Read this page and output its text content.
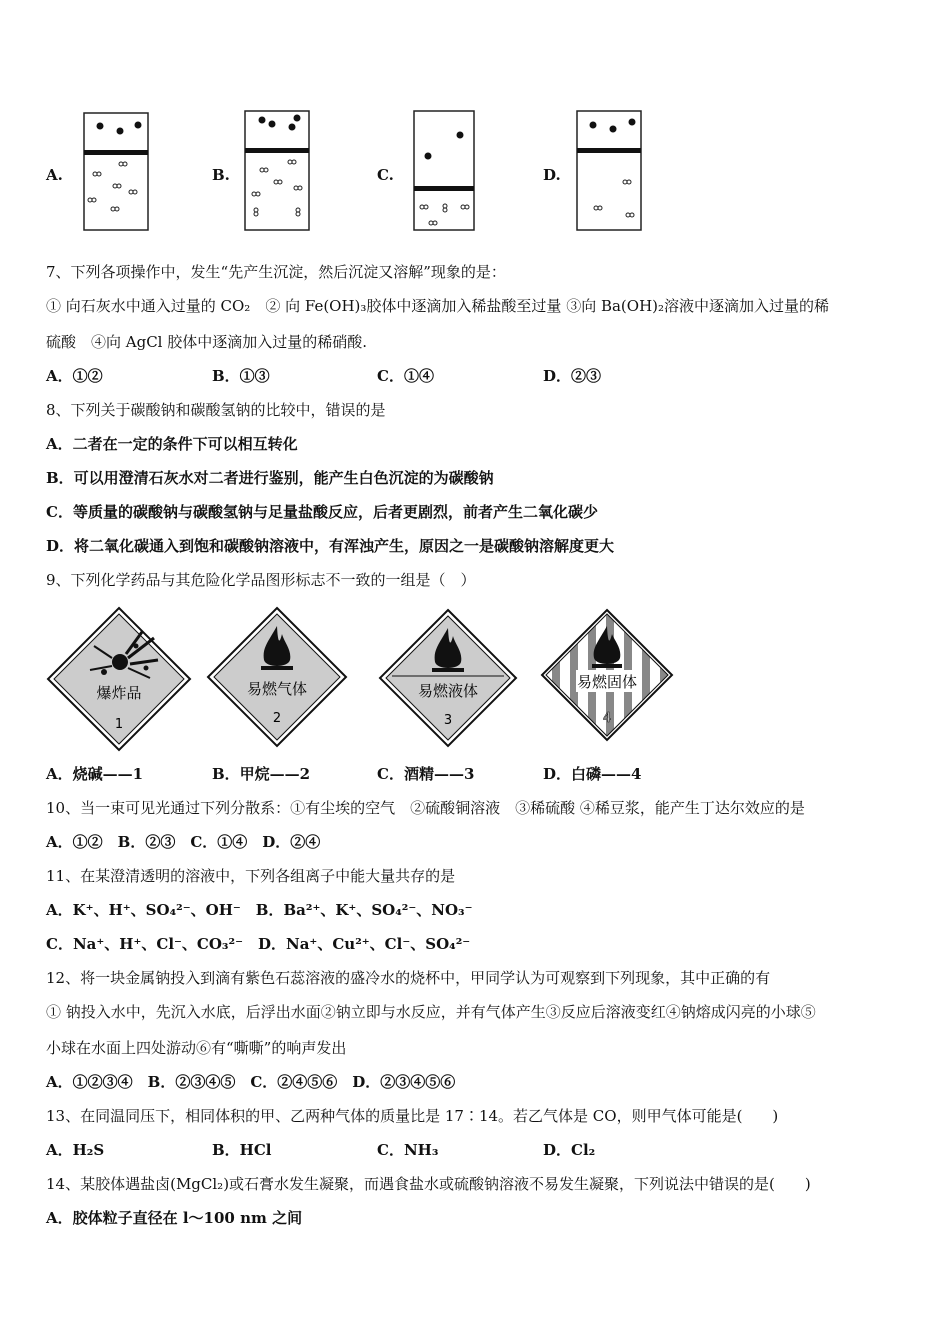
A.	B.	C.	D.
7、下列各项操作中，发生“先产生沉淀，然后沉淀又溶解”现象的是：
① 向石灰水中通入过量的 CO₂　② 向 Fe(OH)₃胶体中逐滴加入稀盐酸至过量 ③向 Ba(OH)₂溶液中逐滴加入过量的稀
硫酸　④向 AgCl 胶体中逐滴加入过量的稀硝酸.
A．①②	B．①③	C．①④	D．②③
8、下列关于碳酸钠和碳酸氢钠的比较中，错误的是
A．二者在一定的条件下可以相互转化
B．可以用澄清石灰水对二者进行鉴别，能产生白色沉淀的为碳酸钠
C．等质量的碳酸钠与碳酸氢钠与足量盐酸反应，后者更剧烈，前者产生二氧化碳少
D．将二氧化碳通入到饱和碳酸钠溶液中，有浑浊产生，原因之一是碳酸钠溶解度更大
9、下列化学药品与其危险化学品图形标志不一致的一组是（　）
爆炸品
1
易燃气体
2
易燃液体
3
易燃固体
4
A．烧碱——1	B．甲烷——2	C．酒精——3	D．白磷——4
10、当一束可见光通过下列分散系：①有尘埃的空气　②硫酸铜溶液　③稀硫酸 ④稀豆浆，能产生丁达尔效应的是
A．①②　B．②③　C．①④　D．②④
11、在某澄清透明的溶液中，下列各组离子中能大量共存的是
A．K⁺、H⁺、SO₄²⁻、OH⁻　B．Ba²⁺、K⁺、SO₄²⁻、NO₃⁻
C．Na⁺、H⁺、Cl⁻、CO₃²⁻　D．Na⁺、Cu²⁺、Cl⁻、SO₄²⁻
12、将一块金属钠投入到滴有紫色石蕊溶液的盛冷水的烧杯中，甲同学认为可观察到下列现象，其中正确的有
① 钠投入水中，先沉入水底，后浮出水面②钠立即与水反应，并有气体产生③反应后溶液变红④钠熔成闪亮的小球⑤
小球在水面上四处游动⑥有“嘶嘶”的响声发出
A．①②③④　B．②③④⑤　C．②④⑤⑥　D．②③④⑤⑥
13、在同温同压下，相同体积的甲、乙两种气体的质量比是 17∶14。若乙气体是 CO，则甲气体可能是(　　)
A．H₂S	B．HCl	C．NH₃	D．Cl₂
14、某胶体遇盐卤(MgCl₂)或石膏水发生凝聚，而遇食盐水或硫酸钠溶液不易发生凝聚，下列说法中错误的是(　　)
A．胶体粒子直径在 l～100 nm 之间
